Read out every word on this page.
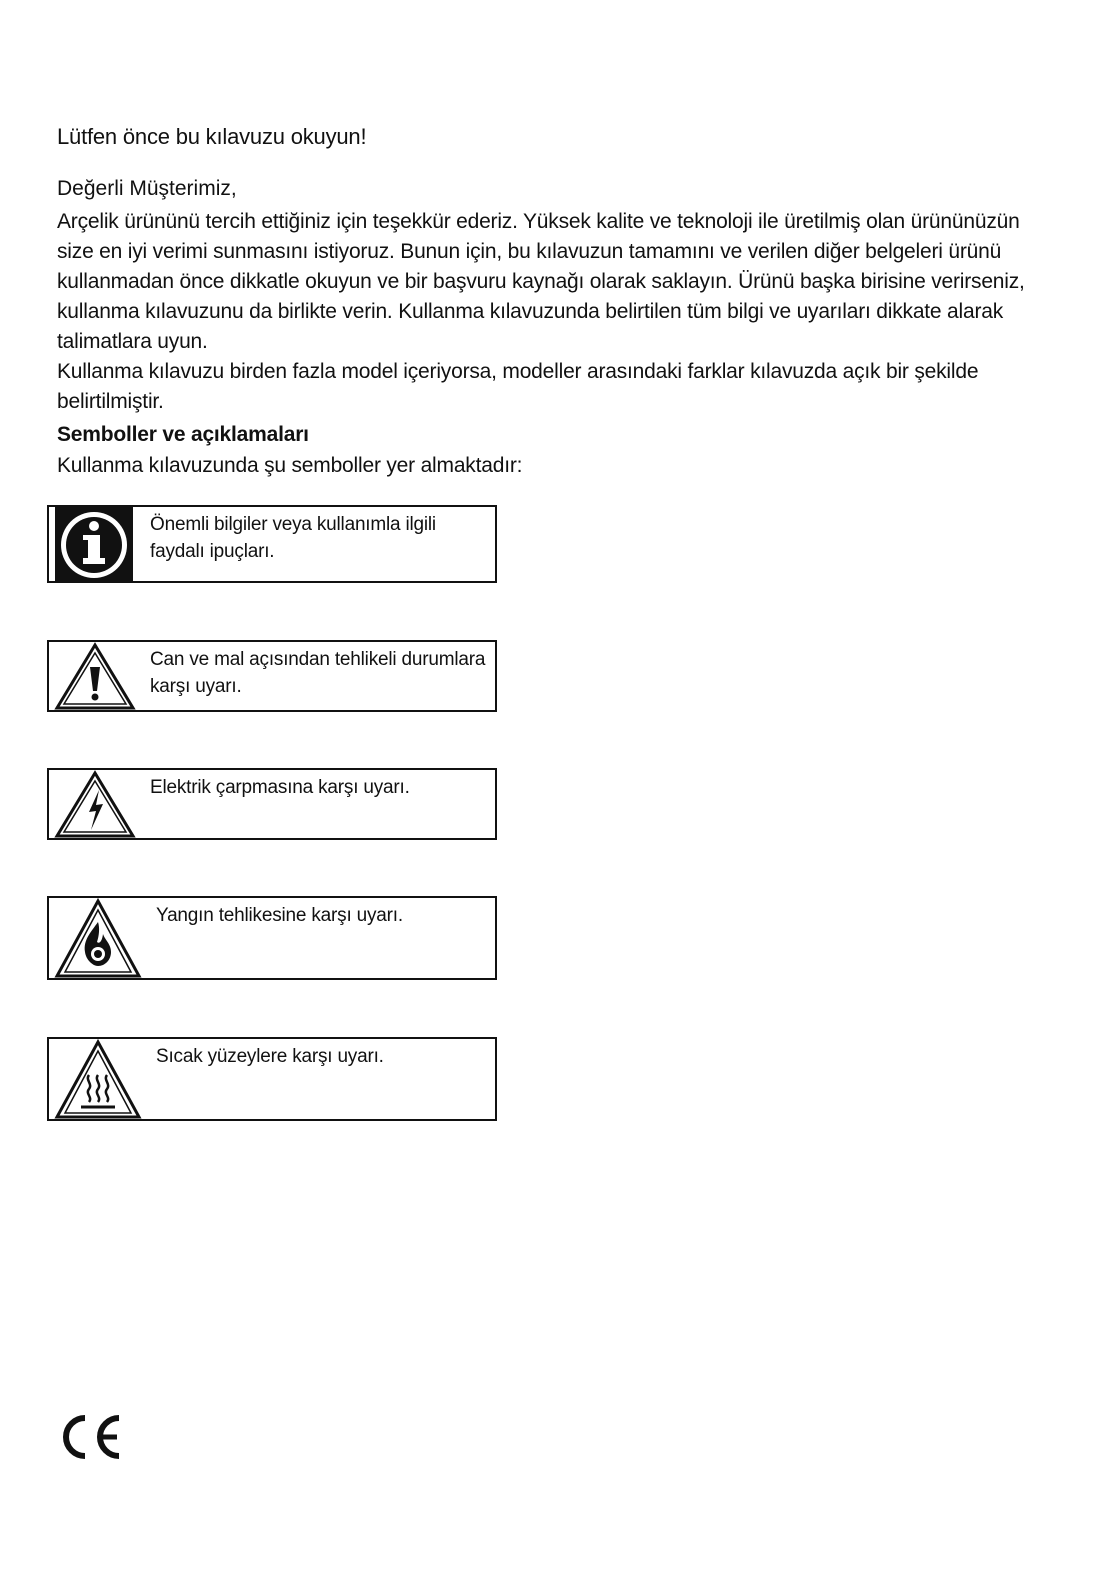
Lütfen önce bu kılavuzu okuyun!
Değerli Müşterimiz,
Arçelik ürününü tercih ettiğiniz için teşekkür ederiz. Yüksek kalite ve teknoloji ile üretilmiş olan ürününüzün size en iyi verimi sunmasını istiyoruz. Bunun için, bu kılavuzun tamamını ve verilen diğer belgeleri ürünü kullanmadan önce dikkatle okuyun ve bir başvuru kaynağı olarak saklayın. Ürünü başka birisine verirseniz, kullanma kılavuzunu da birlikte verin. Kullanma kılavuzunda belirtilen tüm bilgi ve uyarıları dikkate alarak talimatlara uyun.
Kullanma kılavuzu birden fazla model içeriyorsa, modeller arasındaki farklar kılavuzda açık bir şekilde belirtilmiştir.
Semboller ve açıklamaları
Kullanma kılavuzunda şu semboller yer almaktadır:
Önemli bilgiler veya kullanımla ilgili faydalı ipuçları.
Can ve mal açısından tehlikeli durumlara karşı uyarı.
Elektrik çarpmasına karşı uyarı.
Yangın tehlikesine karşı uyarı.
Sıcak yüzeylere karşı uyarı.
